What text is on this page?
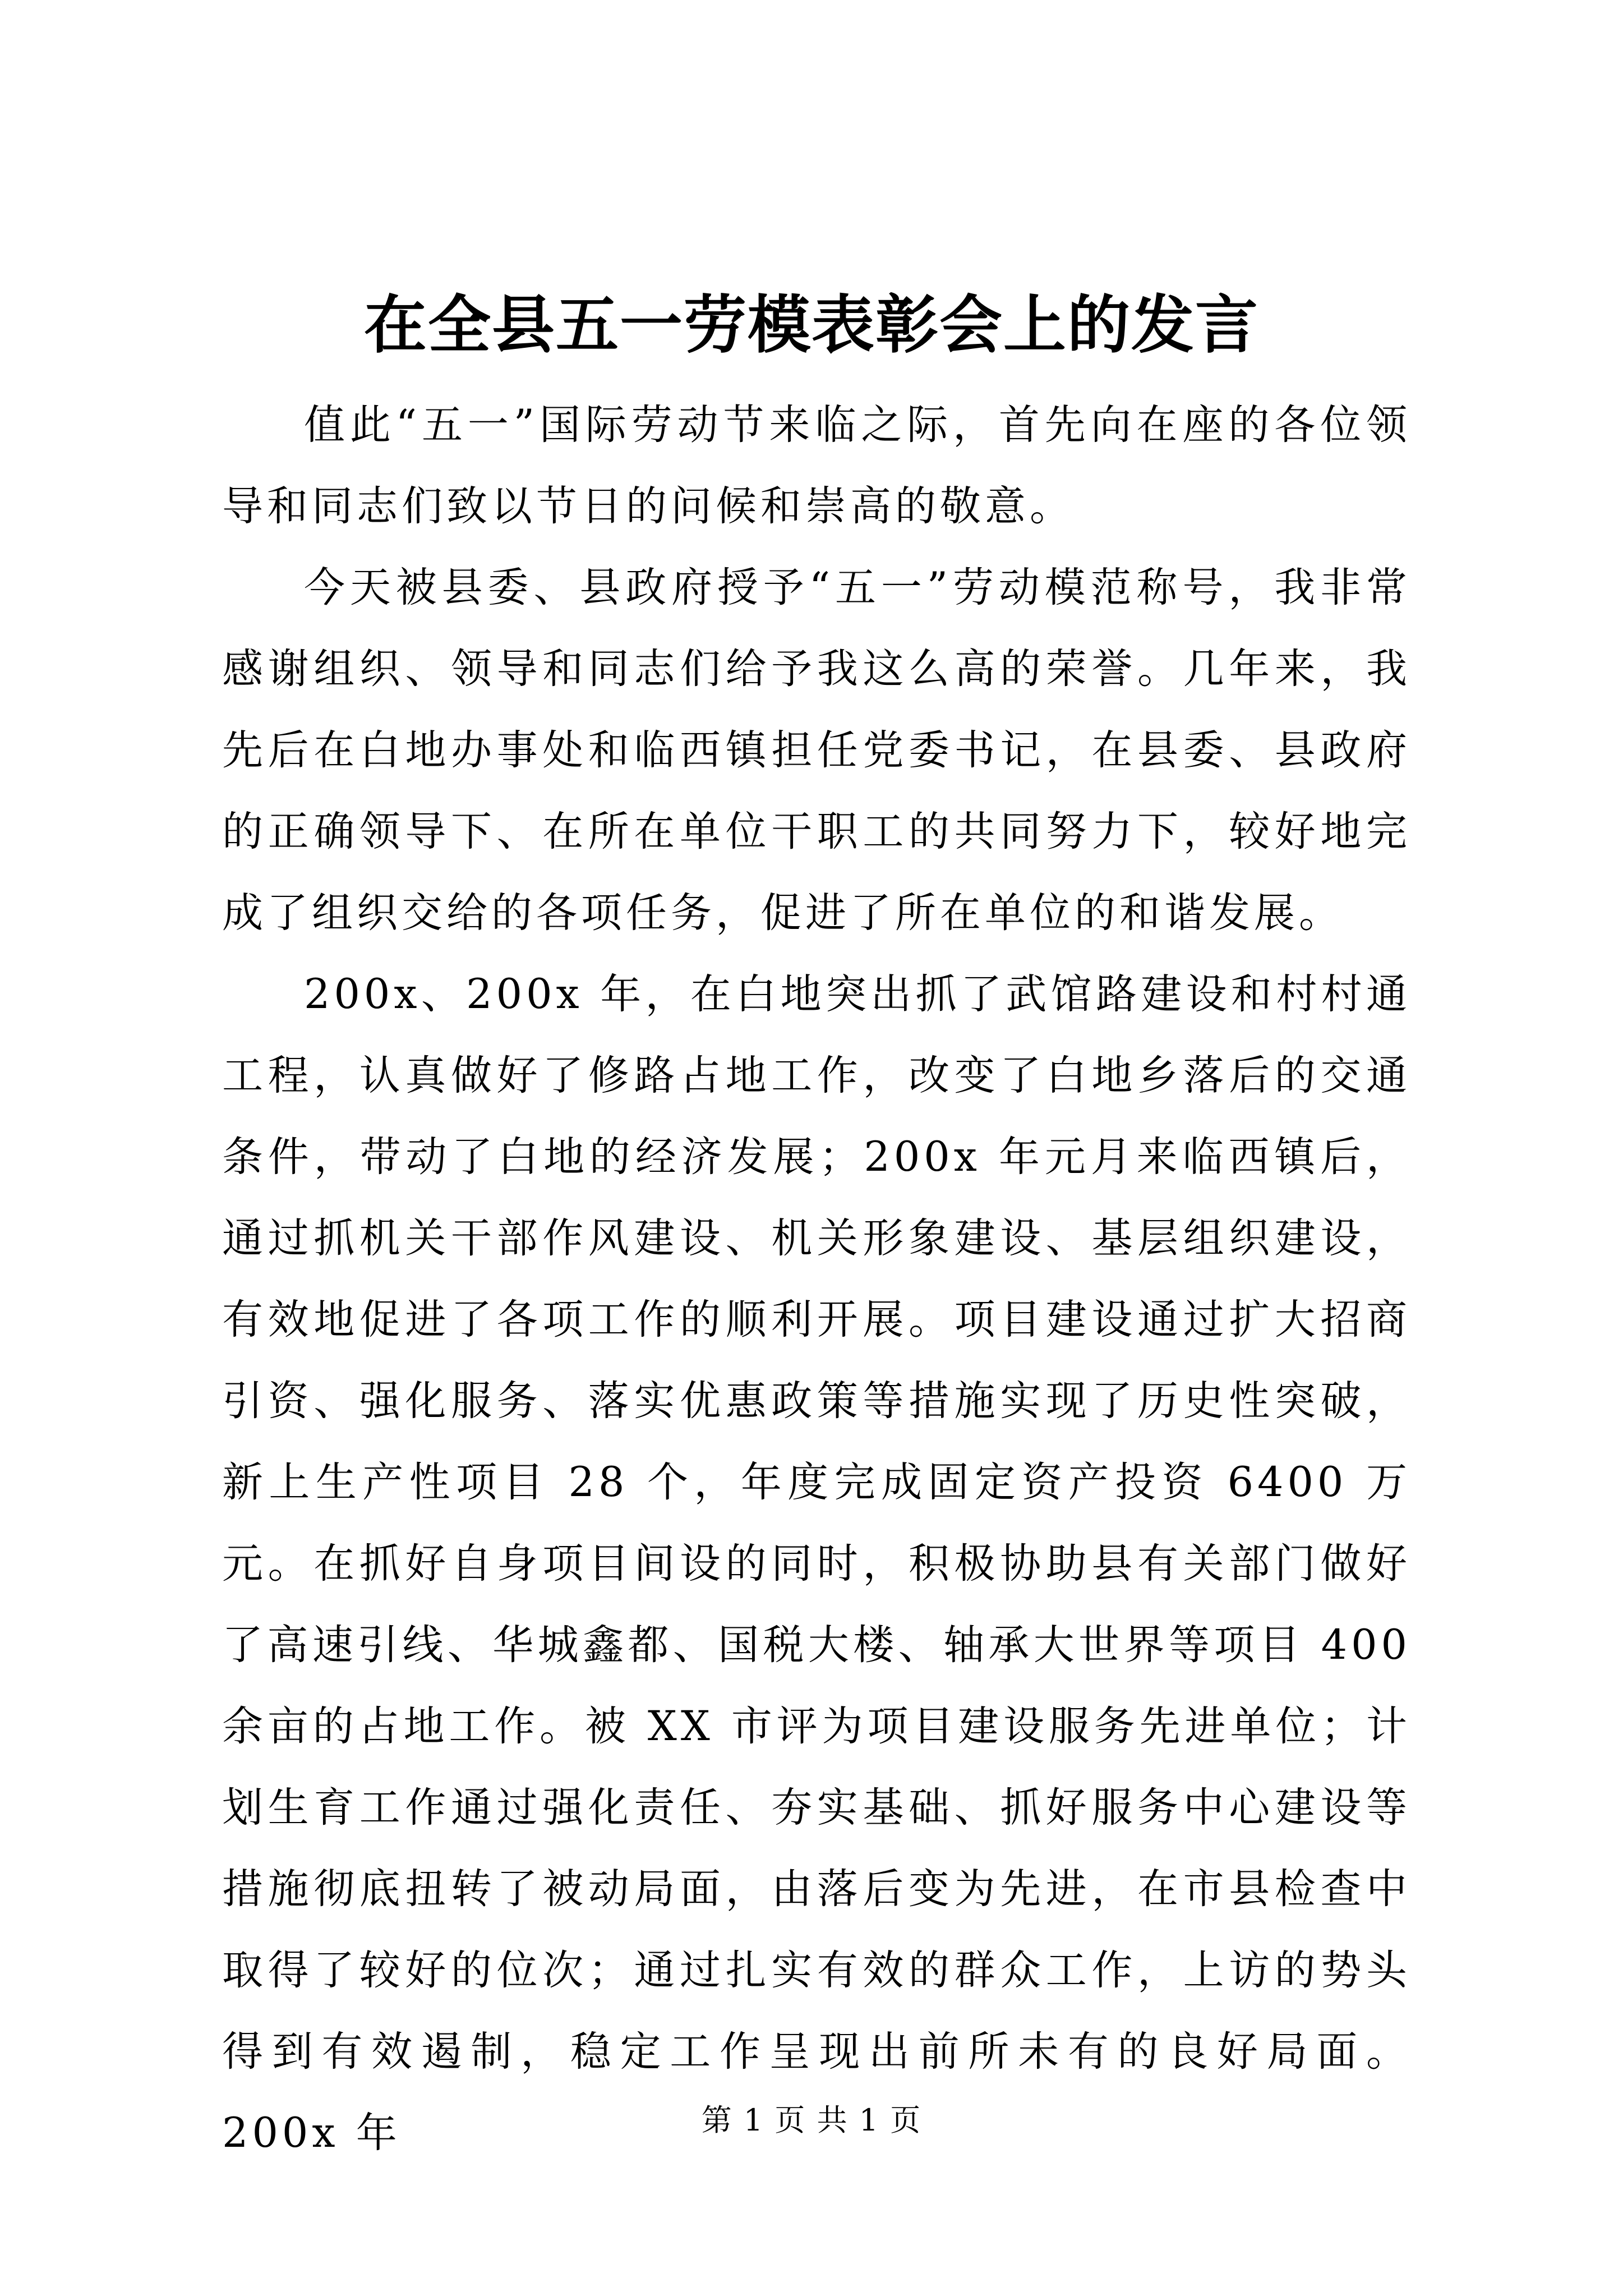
在全县五一劳模表彰会上的发言

值此“五一”国际劳动节来临之际，首先向在座的各位领导和同志们致以节日的问候和崇高的敬意。

今天被县委、县政府授予“五一”劳动模范称号，我非常感谢组织、领导和同志们给予我这么高的荣誉。几年来，我先后在白地办事处和临西镇担任党委书记，在县委、县政府的正确领导下、在所在单位干职工的共同努力下，较好地完成了组织交给的各项任务，促进了所在单位的和谐发展。

200x、200x 年，在白地突出抓了武馆路建设和村村通工程，认真做好了修路占地工作，改变了白地乡落后的交通条件，带动了白地的经济发展；200x 年元月来临西镇后，通过抓机关干部作风建设、机关形象建设、基层组织建设，有效地促进了各项工作的顺利开展。项目建设通过扩大招商引资、强化服务、落实优惠政策等措施实现了历史性突破，新上生产性项目 28 个，年度完成固定资产投资 6400 万元。在抓好自身项目间设的同时，积极协助县有关部门做好了高速引线、华城鑫都、国税大楼、轴承大世界等项目 400 余亩的占地工作。被 XX 市评为项目建设服务先进单位；计划生育工作通过强化责任、夯实基础、抓好服务中心建设等措施彻底扭转了被动局面，由落后变为先进，在市县检查中取得了较好的位次；通过扎实有效的群众工作，上访的势头得到有效遏制，稳定工作呈现出前所未有的良好局面。200x 年	第 1 页 共 1 页
